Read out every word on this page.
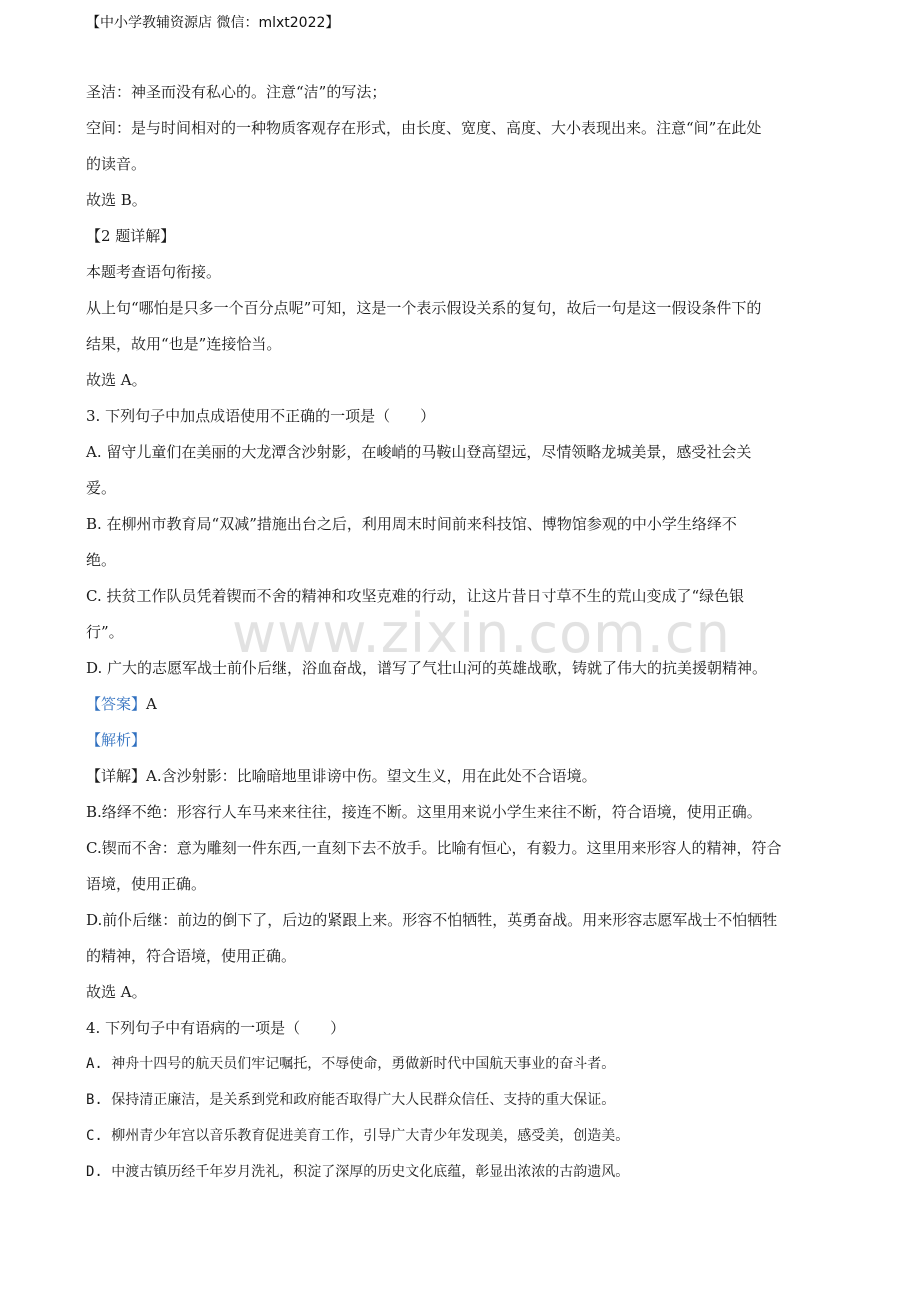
【中小学教辅资源店 微信：mlxt2022】
www.zixin.com.cn

圣洁：神圣而没有私心的。注意“洁”的写法；

空间：是与时间相对的一种物质客观存在形式，由长度、宽度、高度、大小表现出来。注意“间”在此处

的读音。

故选 B。

【2 题详解】

本题考查语句衔接。

从上句“哪怕是只多一个百分点呢”可知，这是一个表示假设关系的复句，故后一句是这一假设条件下的

结果，故用“也是”连接恰当。

故选 A。

3. 下列句子中加点成语使用不正确的一项是（　　）

A. 留守儿童们在美丽的大龙潭含沙射影，在峻峭的马鞍山登高望远，尽情领略龙城美景，感受社会关

爱。

B. 在柳州市教育局“双减”措施出台之后，利用周末时间前来科技馆、博物馆参观的中小学生络绎不

绝。

C. 扶贫工作队员凭着锲而不舍的精神和攻坚克难的行动，让这片昔日寸草不生的荒山变成了“绿色银

行”。

D. 广大的志愿军战士前仆后继，浴血奋战，谱写了气壮山河的英雄战歌，铸就了伟大的抗美援朝精神。

【答案】A

【解析】

【详解】A.含沙射影：比喻暗地里诽谤中伤。望文生义，用在此处不合语境。

B.络绎不绝：形容行人车马来来往往，接连不断。这里用来说小学生来往不断，符合语境，使用正确。

C.锲而不舍：意为雕刻一件东西,一直刻下去不放手。比喻有恒心，有毅力。这里用来形容人的精神，符合

语境，使用正确。

D.前仆后继：前边的倒下了，后边的紧跟上来。形容不怕牺牲，英勇奋战。用来形容志愿军战士不怕牺牲

的精神，符合语境，使用正确。

故选 A。

4. 下列句子中有语病的一项是（　　）

A. 神舟十四号的航天员们牢记嘱托，不辱使命，勇做新时代中国航天事业的奋斗者。

B. 保持清正廉洁，是关系到党和政府能否取得广大人民群众信任、支持的重大保证。

C. 柳州青少年宫以音乐教育促进美育工作，引导广大青少年发现美，感受美，创造美。

D. 中渡古镇历经千年岁月洗礼，积淀了深厚的历史文化底蕴，彰显出浓浓的古韵遗风。
